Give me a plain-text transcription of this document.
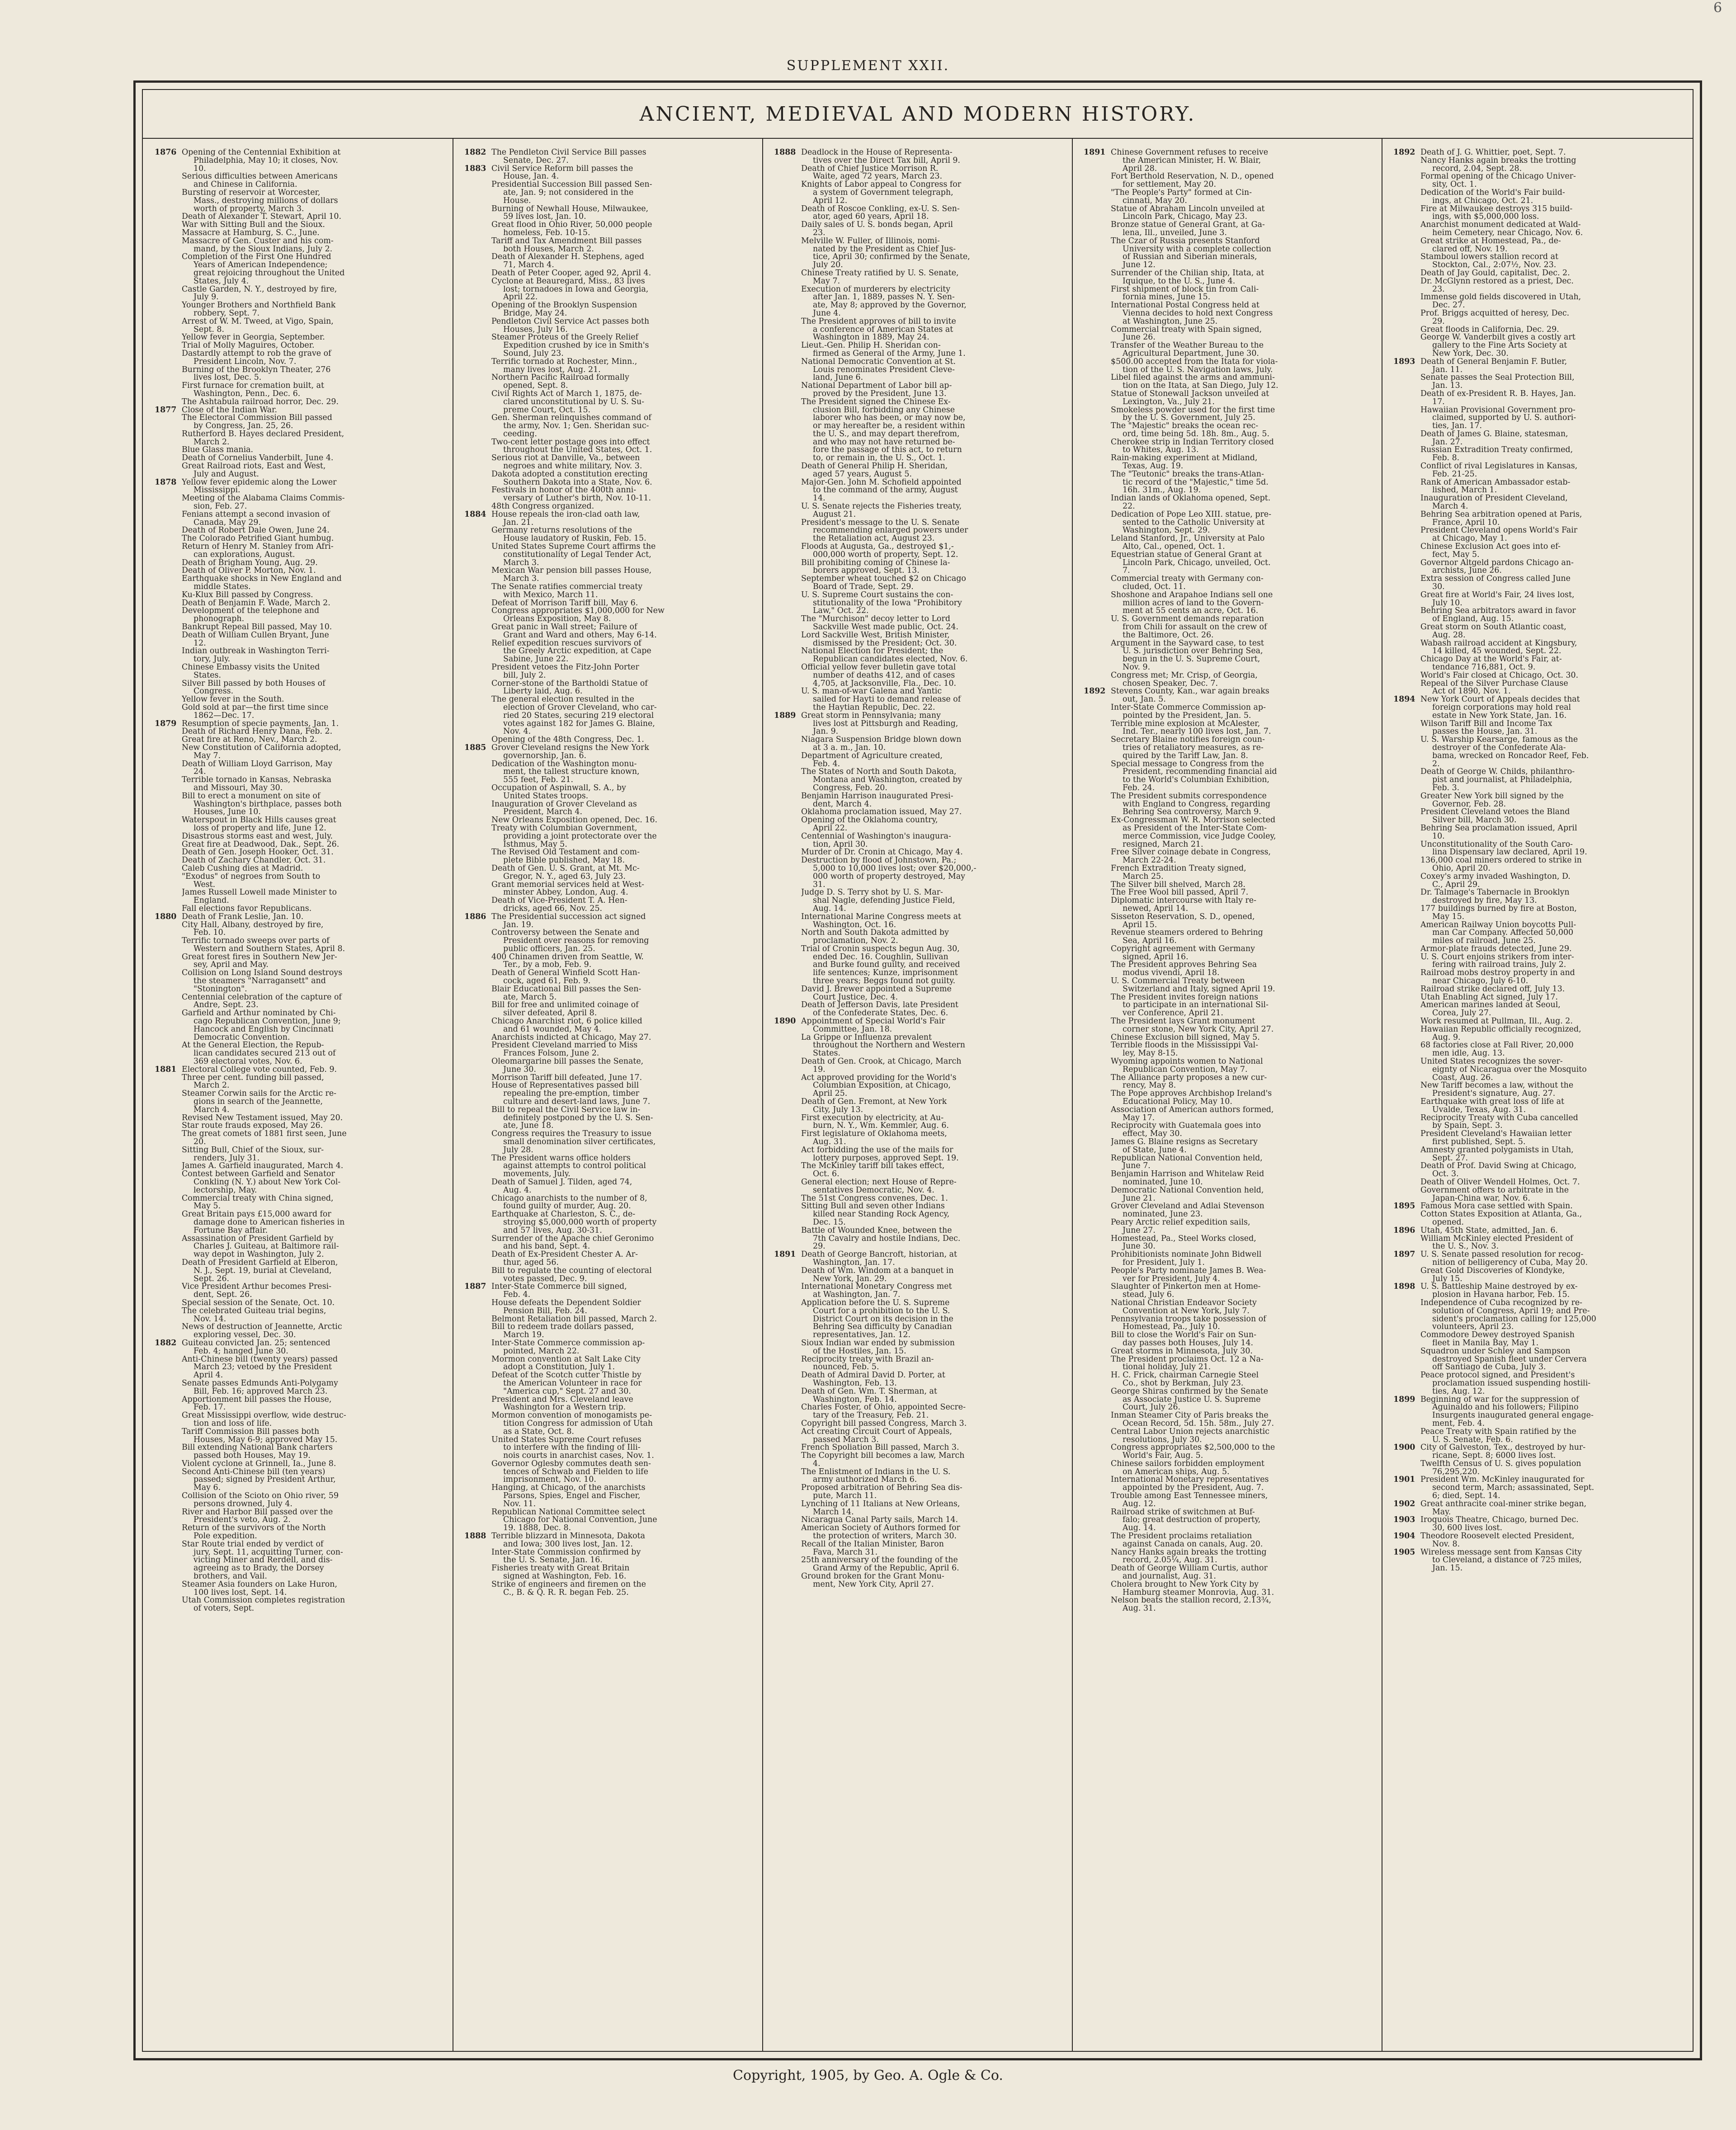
SUPPLEMENT XXII.
6
ANCIENT, MEDIEVAL AND MODERN HISTORY.
1876 Opening of the Centennial Exhibition at
Philadelphia, May 10; it closes, Nov.
10.
Serious difficulties between Americans
and Chinese in California.
Bursting of reservoir at Worcester,
Mass., destroying millions of dollars
worth of property, March 3.
Death of Alexander T. Stewart, April 10.
War with Sitting Bull and the Sioux.
Massacre at Hamburg, S. C., June.
Massacre of Gen. Custer and his com-
mand, by the Sioux Indians, July 2.
Completion of the First One Hundred
Years of American Independence;
great rejoicing throughout the United
States, July 4.
Castle Garden, N. Y., destroyed by fire,
July 9.
Younger Brothers and Northfield Bank
robbery, Sept. 7.
Arrest of W. M. Tweed, at Vigo, Spain,
Sept. 8.
Yellow fever in Georgia, September.
Trial of Molly Maguires, October.
Dastardly attempt to rob the grave of
President Lincoln, Nov. 7.
Burning of the Brooklyn Theater, 276
lives lost, Dec. 5.
First furnace for cremation built, at
Washington, Penn., Dec. 6.
The Ashtabula railroad horror, Dec. 29.
1877 Close of the Indian War.
The Electoral Commission Bill passed
by Congress, Jan. 25, 26.
Rutherford B. Hayes declared President,
March 2.
Blue Glass mania.
Death of Cornelius Vanderbilt, June 4.
Great Railroad riots, East and West,
July and August.
1878 Yellow fever epidemic along the Lower
Mississippi.
Meeting of the Alabama Claims Commis-
sion, Feb. 27.
Fenians attempt a second invasion of
Canada, May 29.
Death of Robert Dale Owen, June 24.
The Colorado Petrified Giant humbug.
Return of Henry M. Stanley from Afri-
can explorations, August.
Death of Brigham Young, Aug. 29.
Death of Oliver P. Morton, Nov. 1.
Earthquake shocks in New England and
middle States.
Ku-Klux Bill passed by Congress.
Death of Benjamin F. Wade, March 2.
Development of the telephone and
phonograph.
Bankrupt Repeal Bill passed, May 10.
Death of William Cullen Bryant, June
12.
Indian outbreak in Washington Terri-
tory, July.
Chinese Embassy visits the United
States.
Silver Bill passed by both Houses of
Congress.
Yellow fever in the South.
Gold sold at par—the first time since
1862—Dec. 17.
1879 Resumption of specie payments, Jan. 1.
Death of Richard Henry Dana, Feb. 2.
Great fire at Reno, Nev., March 2.
New Constitution of California adopted,
May 7.
Death of William Lloyd Garrison, May
24.
Terrible tornado in Kansas, Nebraska
and Missouri, May 30.
Bill to erect a monument on site of
Washington's birthplace, passes both
Houses, June 10.
Waterspout in Black Hills causes great
loss of property and life, June 12.
Disastrous storms east and west, July.
Great fire at Deadwood, Dak., Sept. 26.
Death of Gen. Joseph Hooker, Oct. 31.
Death of Zachary Chandler, Oct. 31.
Caleb Cushing dies at Madrid.
"Exodus" of negroes from South to
West.
James Russell Lowell made Minister to
England.
Fall elections favor Republicans.
1880 Death of Frank Leslie, Jan. 10.
City Hall, Albany, destroyed by fire,
Feb. 10.
Terrific tornado sweeps over parts of
Western and Southern States, April 8.
Great forest fires in Southern New Jer-
sey, April and May.
Collision on Long Island Sound destroys
the steamers "Narragansett" and
"Stonington".
Centennial celebration of the capture of
Andre, Sept. 23.
Garfield and Arthur nominated by Chi-
cago Republican Convention, June 9;
Hancock and English by Cincinnati
Democratic Convention.
At the General Election, the Repub-
lican candidates secured 213 out of
369 electoral votes, Nov. 6.
1881 Electoral College vote counted, Feb. 9.
Three per cent. funding bill passed,
March 2.
Steamer Corwin sails for the Arctic re-
gions in search of the Jeannette,
March 4.
Revised New Testament issued, May 20.
Star route frauds exposed, May 26.
The great comets of 1881 first seen, June
20.
Sitting Bull, Chief of the Sioux, sur-
renders, July 31.
James A. Garfield inaugurated, March 4.
Contest between Garfield and Senator
Conkling (N. Y.) about New York Col-
lectorship, May.
Commercial treaty with China signed,
May 5.
Great Britain pays £15,000 award for
damage done to American fisheries in
Fortune Bay affair.
Assassination of President Garfield by
Charles J. Guiteau, at Baltimore rail-
way depot in Washington, July 2.
Death of President Garfield at Elberon,
N. J., Sept. 19, burial at Cleveland,
Sept. 26.
Vice President Arthur becomes Presi-
dent, Sept. 26.
Special session of the Senate, Oct. 10.
The celebrated Guiteau trial begins,
Nov. 14.
News of destruction of Jeannette, Arctic
exploring vessel, Dec. 30.
1882 Guiteau convicted Jan. 25; sentenced
Feb. 4; hanged June 30.
Anti-Chinese bill (twenty years) passed
March 23; vetoed by the President
April 4.
Senate passes Edmunds Anti-Polygamy
Bill, Feb. 16; approved March 23.
Apportionment bill passes the House,
Feb. 17.
Great Mississippi overflow, wide destruc-
tion and loss of life.
Tariff Commission Bill passes both
Houses, May 6-9; approved May 15.
Bill extending National Bank charters
passed both Houses, May 19.
Violent cyclone at Grinnell, Ia., June 8.
Second Anti-Chinese bill (ten years)
passed; signed by President Arthur,
May 6.
Collision of the Scioto on Ohio river, 59
persons drowned, July 4.
River and Harbor Bill passed over the
President's veto, Aug. 2.
Return of the survivors of the North
Pole expedition.
Star Route trial ended by verdict of
jury, Sept. 11, acquitting Turner, con-
victing Miner and Rerdell, and dis-
agreeing as to Brady, the Dorsey
brothers, and Vail.
Steamer Asia founders on Lake Huron,
100 lives lost, Sept. 14.
Utah Commission completes registration
of voters, Sept.
1882 The Pendleton Civil Service Bill passes
Senate, Dec. 27.
1883 Civil Service Reform bill passes the
House, Jan. 4.
Presidential Succession Bill passed Sen-
ate, Jan. 9; not considered in the
House.
Burning of Newhall House, Milwaukee,
59 lives lost, Jan. 10.
Great flood in Ohio River, 50,000 people
homeless, Feb. 10-15.
Tariff and Tax Amendment Bill passes
both Houses, March 2.
Death of Alexander H. Stephens, aged
71, March 4.
Death of Peter Cooper, aged 92, April 4.
Cyclone at Beauregard, Miss., 83 lives
lost; tornadoes in Iowa and Georgia,
April 22.
Opening of the Brooklyn Suspension
Bridge, May 24.
Pendleton Civil Service Act passes both
Houses, July 16.
Steamer Proteus of the Greely Relief
Expedition crushed by ice in Smith's
Sound, July 23.
Terrific tornado at Rochester, Minn.,
many lives lost, Aug. 21.
Northern Pacific Railroad formally
opened, Sept. 8.
Civil Rights Act of March 1, 1875, de-
clared unconstitutional by U. S. Su-
preme Court, Oct. 15.
Gen. Sherman relinquishes command of
the army, Nov. 1; Gen. Sheridan suc-
ceeding.
Two-cent letter postage goes into effect
throughout the United States, Oct. 1.
Serious riot at Danville, Va., between
negroes and white military, Nov. 3.
Dakota adopted a constitution erecting
Southern Dakota into a State, Nov. 6.
Festivals in honor of the 400th anni-
versary of Luther's birth, Nov. 10-11.
48th Congress organized.
1884 House repeals the iron-clad oath law,
Jan. 21.
Germany returns resolutions of the
House laudatory of Ruskin, Feb. 15.
United States Supreme Court affirms the
constitutionality of Legal Tender Act,
March 3.
Mexican War pension bill passes House,
March 3.
The Senate ratifies commercial treaty
with Mexico, March 11.
Defeat of Morrison Tariff bill, May 6.
Congress appropriates $1,000,000 for New
Orleans Exposition, May 8.
Great panic in Wall street; Failure of
Grant and Ward and others, May 6-14.
Relief expedition rescues survivors of
the Greely Arctic expedition, at Cape
Sabine, June 22.
President vetoes the Fitz-John Porter
bill, July 2.
Corner-stone of the Bartholdi Statue of
Liberty laid, Aug. 6.
The general election resulted in the
election of Grover Cleveland, who car-
ried 20 States, securing 219 electoral
votes against 182 for James G. Blaine,
Nov. 4.
Opening of the 48th Congress, Dec. 1.
1885 Grover Cleveland resigns the New York
governorship, Jan. 6.
Dedication of the Washington monu-
ment, the tallest structure known,
555 feet, Feb. 21.
Occupation of Aspinwall, S. A., by
United States troops.
Inauguration of Grover Cleveland as
President, March 4.
New Orleans Exposition opened, Dec. 16.
Treaty with Columbian Government,
providing a joint protectorate over the
Isthmus, May 5.
The Revised Old Testament and com-
plete Bible published, May 18.
Death of Gen. U. S. Grant, at Mt. Mc-
Gregor, N. Y., aged 63, July 23.
Grant memorial services held at West-
minster Abbey, London, Aug. 4.
Death of Vice-President T. A. Hen-
dricks, aged 66, Nov. 25.
1886 The Presidential succession act signed
Jan. 19.
Controversy between the Senate and
President over reasons for removing
public officers, Jan. 25.
400 Chinamen driven from Seattle, W.
Ter., by a mob, Feb. 9.
Death of General Winfield Scott Han-
cock, aged 61, Feb. 9.
Blair Educational Bill passes the Sen-
ate, March 5.
Bill for free and unlimited coinage of
silver defeated, April 8.
Chicago Anarchist riot, 6 police killed
and 61 wounded, May 4.
Anarchists indicted at Chicago, May 27.
President Cleveland married to Miss
Frances Folsom, June 2.
Oleomargarine bill passes the Senate,
June 30.
Morrison Tariff bill defeated, June 17.
House of Representatives passed bill
repealing the pre-emption, timber
culture and desert-land laws, June 7.
Bill to repeal the Civil Service law in-
definitely postponed by the U. S. Sen-
ate, June 18.
Congress requires the Treasury to issue
small denomination silver certificates,
July 28.
The President warns office holders
against attempts to control political
movements, July.
Death of Samuel J. Tilden, aged 74,
Aug. 4.
Chicago anarchists to the number of 8,
found guilty of murder, Aug. 20.
Earthquake at Charleston, S. C., de-
stroying $5,000,000 worth of property
and 57 lives, Aug. 30-31.
Surrender of the Apache chief Geronimo
and his band, Sept. 4.
Death of Ex-President Chester A. Ar-
thur, aged 56.
Bill to regulate the counting of electoral
votes passed, Dec. 9.
1887 Inter-State Commerce bill signed,
Feb. 4.
House defeats the Dependent Soldier
Pension Bill, Feb. 24.
Belmont Retaliation bill passed, March 2.
Bill to redeem trade dollars passed,
March 19.
Inter-State Commerce commission ap-
pointed, March 22.
Mormon convention at Salt Lake City
adopt a Constitution, July 1.
Defeat of the Scotch cutter Thistle by
the American Volunteer in race for
"America cup," Sept. 27 and 30.
President and Mrs. Cleveland leave
Washington for a Western trip.
Mormon convention of monogamists pe-
tition Congress for admission of Utah
as a State, Oct. 8.
United States Supreme Court refuses
to interfere with the finding of Illi-
nois courts in anarchist cases, Nov. 1.
Governor Oglesby commutes death sen-
tences of Schwab and Fielden to life
imprisonment, Nov. 10.
Hanging, at Chicago, of the anarchists
Parsons, Spies, Engel and Fischer,
Nov. 11.
Republican National Committee select
Chicago for National Convention, June
19. 1888, Dec. 8.
1888 Terrible blizzard in Minnesota, Dakota
and Iowa; 300 lives lost, Jan. 12.
Inter-State Commission confirmed by
the U. S. Senate, Jan. 16.
Fisheries treaty with Great Britain
signed at Washington, Feb. 16.
Strike of engineers and firemen on the
C., B. & Q. R. R. began Feb. 25.
1888 Deadlock in the House of Representa-
tives over the Direct Tax bill, April 9.
Death of Chief Justice Morrison R.
Waite, aged 72 years, March 23.
Knights of Labor appeal to Congress for
a system of Government telegraph,
April 12.
Death of Roscoe Conkling, ex-U. S. Sen-
ator, aged 60 years, April 18.
Daily sales of U. S. bonds began, April
23.
Melville W. Fuller, of Illinois, nomi-
nated by the President as Chief Jus-
tice, April 30; confirmed by the Senate,
July 20.
Chinese Treaty ratified by U. S. Senate,
May 7.
Execution of murderers by electricity
after Jan. 1, 1889, passes N. Y. Sen-
ate, May 8; approved by the Governor,
June 4.
The President approves of bill to invite
a conference of American States at
Washington in 1889, May 24.
Lieut.-Gen. Philip H. Sheridan con-
firmed as General of the Army, June 1.
National Democratic Convention at St.
Louis renominates President Cleve-
land, June 6.
National Department of Labor bill ap-
proved by the President, June 13.
The President signed the Chinese Ex-
clusion Bill, forbidding any Chinese
laborer who has been, or may now be,
or may hereafter be, a resident within
the U. S., and may depart therefrom,
and who may not have returned be-
fore the passage of this act, to return
to, or remain in, the U. S., Oct. 1.
Death of General Philip H. Sheridan,
aged 57 years, August 5.
Major-Gen. John M. Schofield appointed
to the command of the army, August
14.
U. S. Senate rejects the Fisheries treaty,
August 21.
President's message to the U. S. Senate
recommending enlarged powers under
the Retaliation act, August 23.
Floods at Augusta, Ga., destroyed $1,-
000,000 worth of property, Sept. 12.
Bill prohibiting coming of Chinese la-
borers approved, Sept. 13.
September wheat touched $2 on Chicago
Board of Trade, Sept. 29.
U. S. Supreme Court sustains the con-
stitutionality of the Iowa "Prohibitory
Law," Oct. 22.
The "Murchison" decoy letter to Lord
Sackville West made public, Oct. 24.
Lord Sackville West, British Minister,
dismissed by the President; Oct. 30.
National Election for President; the
Republican candidates elected, Nov. 6.
Official yellow fever bulletin gave total
number of deaths 412, and of cases
4,705, at Jacksonville, Fla., Dec. 10.
U. S. man-of-war Galena and Yantic
sailed for Hayti to demand release of
the Haytian Republic, Dec. 22.
1889 Great storm in Pennsylvania; many
lives lost at Pittsburgh and Reading,
Jan. 9.
Niagara Suspension Bridge blown down
at 3 a. m., Jan. 10.
Department of Agriculture created,
Feb. 4.
The States of North and South Dakota,
Montana and Washington, created by
Congress, Feb. 20.
Benjamin Harrison inaugurated Presi-
dent, March 4.
Oklahoma proclamation issued, May 27.
Opening of the Oklahoma country,
April 22.
Centennial of Washington's inaugura-
tion, April 30.
Murder of Dr. Cronin at Chicago, May 4.
Destruction by flood of Johnstown, Pa.;
5,000 to 10,000 lives lost; over $20,000,-
000 worth of property destroyed, May
31.
Judge D. S. Terry shot by U. S. Mar-
shal Nagle, defending Justice Field,
Aug. 14.
International Marine Congress meets at
Washington, Oct. 16.
North and South Dakota admitted by
proclamation, Nov. 2.
Trial of Cronin suspects begun Aug. 30,
ended Dec. 16. Coughlin, Sullivan
and Burke found guilty, and received
life sentences; Kunze, imprisonment
three years; Beggs found not guilty.
David J. Brewer appointed a Supreme
Court Justice, Dec. 4.
Death of Jefferson Davis, late President
of the Confederate States, Dec. 6.
1890 Appointment of Special World's Fair
Committee, Jan. 18.
La Grippe or Influenza prevalent
throughout the Northern and Western
States.
Death of Gen. Crook, at Chicago, March
19.
Act approved providing for the World's
Columbian Exposition, at Chicago,
April 25.
Death of Gen. Fremont, at New York
City, July 13.
First execution by electricity, at Au-
burn, N. Y., Wm. Kemmler, Aug. 6.
First legislature of Oklahoma meets,
Aug. 31.
Act forbidding the use of the mails for
lottery purposes, approved Sept. 19.
The McKinley tariff bill takes effect,
Oct. 6.
General election; next House of Repre-
sentatives Democratic, Nov. 4.
The 51st Congress convenes, Dec. 1.
Sitting Bull and seven other Indians
killed near Standing Rock Agency,
Dec. 15.
Battle of Wounded Knee, between the
7th Cavalry and hostile Indians, Dec.
29.
1891 Death of George Bancroft, historian, at
Washington, Jan. 17.
Death of Wm. Windom at a banquet in
New York, Jan. 29.
International Monetary Congress met
at Washington, Jan. 7.
Application before the U. S. Supreme
Court for a prohibition to the U. S.
District Court on its decision in the
Behring Sea difficulty by Canadian
representatives, Jan. 12.
Sioux Indian war ended by submission
of the Hostiles, Jan. 15.
Reciprocity treaty with Brazil an-
nounced, Feb. 5.
Death of Admiral David D. Porter, at
Washington, Feb. 13.
Death of Gen. Wm. T. Sherman, at
Washington, Feb. 14.
Charles Foster, of Ohio, appointed Secre-
tary of the Treasury, Feb. 21.
Copyright bill passed Congress, March 3.
Act creating Circuit Court of Appeals,
passed March 3.
French Spoliation Bill passed, March 3.
The Copyright bill becomes a law, March
4.
The Enlistment of Indians in the U. S.
army authorized March 6.
Proposed arbitration of Behring Sea dis-
pute, March 11.
Lynching of 11 Italians at New Orleans,
March 14.
Nicaragua Canal Party sails, March 14.
American Society of Authors formed for
the protection of writers, March 30.
Recall of the Italian Minister, Baron
Fava, March 31.
25th anniversary of the founding of the
Grand Army of the Republic, April 6.
Ground broken for the Grant Monu-
ment, New York City, April 27.
1891 Chinese Government refuses to receive
the American Minister, H. W. Blair,
April 28.
Fort Berthold Reservation, N. D., opened
for settlement, May 20.
"The People's Party" formed at Cin-
cinnati, May 20.
Statue of Abraham Lincoln unveiled at
Lincoln Park, Chicago, May 23.
Bronze statue of General Grant, at Ga-
lena, Ill., unveiled, June 3.
The Czar of Russia presents Stanford
University with a complete collection
of Russian and Siberian minerals,
June 12.
Surrender of the Chilian ship, Itata, at
Iquique, to the U. S., June 4.
First shipment of block tin from Cali-
fornia mines, June 15.
International Postal Congress held at
Vienna decides to hold next Congress
at Washington, June 25.
Commercial treaty with Spain signed,
June 26.
Transfer of the Weather Bureau to the
Agricultural Department, June 30.
$500.00 accepted from the Itata for viola-
tion of the U. S. Navigation laws, July.
Libel filed against the arms and ammuni-
tion on the Itata, at San Diego, July 12.
Statue of Stonewall Jackson unveiled at
Lexington, Va., July 21.
Smokeless powder used for the first time
by the U. S. Government, July 25.
The "Majestic" breaks the ocean rec-
ord, time being 5d. 18h. 8m., Aug. 5.
Cherokee strip in Indian Territory closed
to Whites, Aug. 13.
Rain-making experiment at Midland,
Texas, Aug. 19.
The "Teutonic" breaks the trans-Atlan-
tic record of the "Majestic," time 5d.
16h. 31m., Aug. 19.
Indian lands of Oklahoma opened, Sept.
22.
Dedication of Pope Leo XIII. statue, pre-
sented to the Catholic University at
Washington, Sept. 29.
Leland Stanford, Jr., University at Palo
Alto, Cal., opened, Oct. 1.
Equestrian statue of General Grant at
Lincoln Park, Chicago, unveiled, Oct.
7.
Commercial treaty with Germany con-
cluded, Oct. 11.
Shoshone and Arapahoe Indians sell one
million acres of land to the Govern-
ment at 55 cents an acre, Oct. 16.
U. S. Government demands reparation
from Chili for assault on the crew of
the Baltimore, Oct. 26.
Argument in the Sayward case, to test
U. S. jurisdiction over Behring Sea,
begun in the U. S. Supreme Court,
Nov. 9.
Congress met; Mr. Crisp, of Georgia,
chosen Speaker, Dec. 7.
1892 Stevens County, Kan., war again breaks
out, Jan. 5.
Inter-State Commerce Commission ap-
pointed by the President, Jan. 5.
Terrible mine explosion at McAlester,
Ind. Ter., nearly 100 lives lost, Jan. 7.
Secretary Blaine notifies foreign coun-
tries of retaliatory measures, as re-
quired by the Tariff Law, Jan. 8.
Special message to Congress from the
President, recommending financial aid
to the World's Columbian Exhibition,
Feb. 24.
The President submits correspondence
with England to Congress, regarding
Behring Sea controversy, March 9.
Ex-Congressman W. R. Morrison selected
as President of the Inter-State Com-
merce Commission, vice Judge Cooley,
resigned, March 21.
Free Silver coinage debate in Congress,
March 22-24.
French Extradition Treaty signed,
March 25.
The Silver bill shelved, March 28.
The Free Wool bill passed, April 7.
Diplomatic intercourse with Italy re-
newed, April 14.
Sisseton Reservation, S. D., opened,
April 15.
Revenue steamers ordered to Behring
Sea, April 16.
Copyright agreement with Germany
signed, April 16.
The President approves Behring Sea
modus vivendi, April 18.
U. S. Commercial Treaty between
Switzerland and Italy, signed April 19.
The President invites foreign nations
to participate in an international Sil-
ver Conference, April 21.
The President lays Grant monument
corner stone, New York City, April 27.
Chinese Exclusion bill signed, May 5.
Terrible floods in the Mississippi Val-
ley, May 8-15.
Wyoming appoints women to National
Republican Convention, May 7.
The Alliance party proposes a new cur-
rency, May 8.
The Pope approves Archbishop Ireland's
Educational Policy, May 10.
Association of American authors formed,
May 17.
Reciprocity with Guatemala goes into
effect, May 30.
James G. Blaine resigns as Secretary
of State, June 4.
Republican National Convention held,
June 7.
Benjamin Harrison and Whitelaw Reid
nominated, June 10.
Democratic National Convention held,
June 21.
Grover Cleveland and Adlai Stevenson
nominated, June 23.
Peary Arctic relief expedition sails,
June 27.
Homestead, Pa., Steel Works closed,
June 30.
Prohibitionists nominate John Bidwell
for President, July 1.
People's Party nominate James B. Wea-
ver for President, July 4.
Slaughter of Pinkerton men at Home-
stead, July 6.
National Christian Endeavor Society
Convention at New York, July 7.
Pennsylvania troops take possession of
Homestead, Pa., July 10.
Bill to close the World's Fair on Sun-
day passes both Houses, July 14.
Great storms in Minnesota, July 30.
The President proclaims Oct. 12 a Na-
tional holiday, July 21.
H. C. Frick, chairman Carnegie Steel
Co., shot by Berkman, July 23.
George Shiras confirmed by the Senate
as Associate Justice U. S. Supreme
Court, July 26.
Inman Steamer City of Paris breaks the
Ocean Record, 5d. 15h. 58m., July 27.
Central Labor Union rejects anarchistic
resolutions, July 30.
Congress appropriates $2,500,000 to the
World's Fair, Aug. 5.
Chinese sailors forbidden employment
on American ships, Aug. 5.
International Monetary representatives
appointed by the President, Aug. 7.
Trouble among East Tennessee miners,
Aug. 12.
Railroad strike of switchmen at Buf-
falo; great destruction of property,
Aug. 14.
The President proclaims retaliation
against Canada on canals, Aug. 20.
Nancy Hanks again breaks the trotting
record, 2.05¼, Aug. 31.
Death of George William Curtis, author
and journalist, Aug. 31.
Cholera brought to New York City by
Hamburg steamer Monrovia, Aug. 31.
Nelson beats the stallion record, 2.13¾,
Aug. 31.
1892 Death of J. G. Whittier, poet, Sept. 7.
Nancy Hanks again breaks the trotting
record, 2.04, Sept. 28.
Formal opening of the Chicago Univer-
sity, Oct. 1.
Dedication of the World's Fair build-
ings, at Chicago, Oct. 21.
Fire at Milwaukee destroys 315 build-
ings, with $5,000,000 loss.
Anarchist monument dedicated at Wald-
heim Cemetery, near Chicago, Nov. 6.
Great strike at Homestead, Pa., de-
clared off, Nov. 19.
Stamboul lowers stallion record at
Stockton, Cal., 2:07½, Nov. 23.
Death of Jay Gould, capitalist, Dec. 2.
Dr. McGlynn restored as a priest, Dec.
23.
Immense gold fields discovered in Utah,
Dec. 27.
Prof. Briggs acquitted of heresy, Dec.
29.
Great floods in California, Dec. 29.
George W. Vanderbilt gives a costly art
gallery to the Fine Arts Society at
New York, Dec. 30.
1893 Death of General Benjamin F. Butler,
Jan. 11.
Senate passes the Seal Protection Bill,
Jan. 13.
Death of ex-President R. B. Hayes, Jan.
17.
Hawaiian Provisional Government pro-
claimed, supported by U. S. authori-
ties, Jan. 17.
Death of James G. Blaine, statesman,
Jan. 27.
Russian Extradition Treaty confirmed,
Feb. 8.
Conflict of rival Legislatures in Kansas,
Feb. 21-25.
Rank of American Ambassador estab-
lished, March 1.
Inauguration of President Cleveland,
March 4.
Behring Sea arbitration opened at Paris,
France, April 10.
President Cleveland opens World's Fair
at Chicago, May 1.
Chinese Exclusion Act goes into ef-
fect, May 5.
Governor Altgeld pardons Chicago an-
archists, June 26.
Extra session of Congress called June
30.
Great fire at World's Fair, 24 lives lost,
July 10.
Behring Sea arbitrators award in favor
of England, Aug. 15.
Great storm on South Atlantic coast,
Aug. 28.
Wabash railroad accident at Kingsbury,
14 killed, 45 wounded, Sept. 22.
Chicago Day at the World's Fair, at-
tendance 716,881, Oct. 9.
World's Fair closed at Chicago, Oct. 30.
Repeal of the Silver Purchase Clause
Act of 1890, Nov. 1.
1894 New York Court of Appeals decides that
foreign corporations may hold real
estate in New York State, Jan. 16.
Wilson Tariff Bill and Income Tax
passes the House, Jan. 31.
U. S. Warship Kearsarge, famous as the
destroyer of the Confederate Ala-
bama, wrecked on Roncador Reef, Feb.
2.
Death of George W. Childs, philanthro-
pist and journalist, at Philadelphia,
Feb. 3.
Greater New York bill signed by the
Governor, Feb. 28.
President Cleveland vetoes the Bland
Silver bill, March 30.
Behring Sea proclamation issued, April
10.
Unconstitutionality of the South Caro-
lina Dispensary law declared, April 19.
136,000 coal miners ordered to strike in
Ohio, April 20.
Coxey's army invaded Washington, D.
C., April 29.
Dr. Talmage's Tabernacle in Brooklyn
destroyed by fire, May 13.
177 buildings burned by fire at Boston,
May 15.
American Railway Union boycotts Pull-
man Car Company. Affected 50,000
miles of railroad, June 25.
Armor-plate frauds detected, June 29.
U. S. Court enjoins strikers from inter-
fering with railroad trains, July 2.
Railroad mobs destroy property in and
near Chicago, July 6-10.
Railroad strike declared off, July 13.
Utah Enabling Act signed, July 17.
American marines landed at Seoul,
Corea, July 27.
Work resumed at Pullman, Ill., Aug. 2.
Hawaiian Republic officially recognized,
Aug. 9.
68 factories close at Fall River, 20,000
men idle, Aug. 13.
United States recognizes the sover-
eignty of Nicaragua over the Mosquito
Coast, Aug. 26.
New Tariff becomes a law, without the
President's signature, Aug. 27.
Earthquake with great loss of life at
Uvalde, Texas, Aug. 31.
Reciprocity Treaty with Cuba cancelled
by Spain, Sept. 3.
President Cleveland's Hawaiian letter
first published, Sept. 5.
Amnesty granted polygamists in Utah,
Sept. 27.
Death of Prof. David Swing at Chicago,
Oct. 3.
Death of Oliver Wendell Holmes, Oct. 7.
Government offers to arbitrate in the
Japan-China war, Nov. 6.
1895 Famous Mora case settled with Spain.
Cotton States Exposition at Atlanta, Ga.,
opened.
1896 Utah, 45th State, admitted, Jan. 6.
William McKinley elected President of
the U. S., Nov. 3.
1897 U. S. Senate passed resolution for recog-
nition of belligerency of Cuba, May 20.
Great Gold Discoveries of Klondyke,
July 15.
1898 U. S. Battleship Maine destroyed by ex-
plosion in Havana harbor, Feb. 15.
Independence of Cuba recognized by re-
solution of Congress, April 19; and Pre-
sident's proclamation calling for 125,000
volunteers, April 23.
Commodore Dewey destroyed Spanish
fleet in Manila Bay, May 1.
Squadron under Schley and Sampson
destroyed Spanish fleet under Cervera
off Santiago de Cuba, July 3.
Peace protocol signed, and President's
proclamation issued suspending hostili-
ties, Aug. 12.
1899 Beginning of war for the suppression of
Aguinaldo and his followers; Filipino
Insurgents inaugurated general engage-
ment, Feb. 4.
Peace Treaty with Spain ratified by the
U. S. Senate, Feb. 6.
1900 City of Galveston, Tex., destroyed by hur-
ricane, Sept. 8; 6000 lives lost.
Twelfth Census of U. S. gives population
76,295,220.
1901 President Wm. McKinley inaugurated for
second term, March; assassinated, Sept.
6; died, Sept. 14.
1902 Great anthracite coal-miner strike began,
May.
1903 Iroquois Theatre, Chicago, burned Dec.
30, 600 lives lost.
1904 Theodore Roosevelt elected President,
Nov. 8.
1905 Wireless message sent from Kansas City
to Cleveland, a distance of 725 miles,
Jan. 15.
Copyright, 1905, by Geo. A. Ogle & Co.
